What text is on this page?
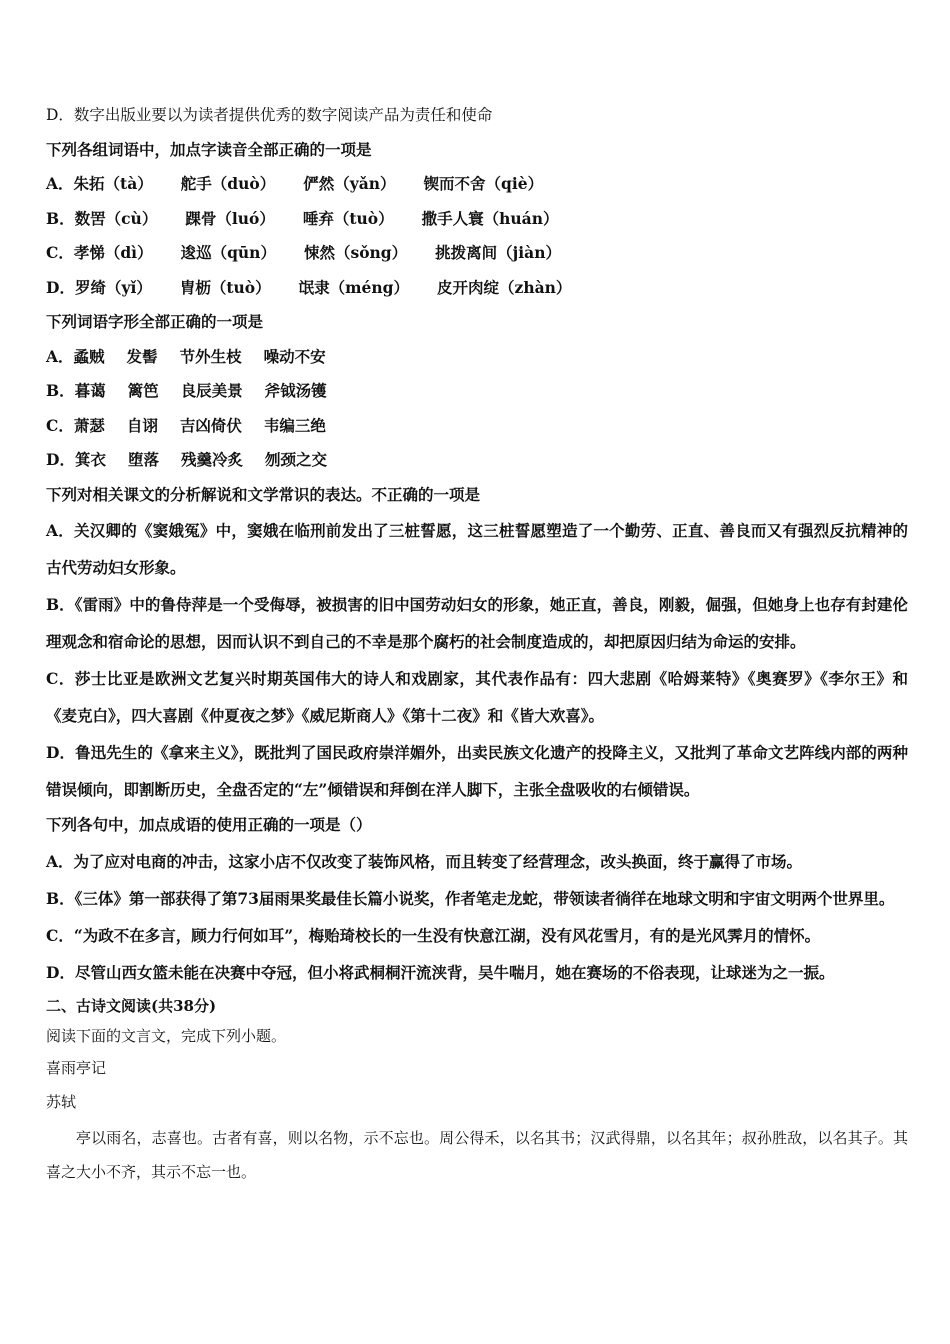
D．数字出版业要以为读者提供优秀的数字阅读产品为责任和使命
下列各组词语中，加点字读音全部正确的一项是
A．朱拓（tà） 舵手（duò） 俨然（yǎn） 锲而不舍（qiè）
B．数罟（cù） 踝骨（luó） 唾弃（tuò） 撒手人寰（huán）
C．孝悌（dì） 逡巡（qūn） 悚然（sǒng） 挑拨离间（jiàn）
D．罗绮（yǐ） 胄枥（tuò） 氓隶（méng） 皮开肉绽（zhàn）
下列词语字形全部正确的一项是
A．蟊贼 发髻 节外生枝 噪动不安
B．暮蔼 篱笆 良辰美景 斧钺汤镬
C．萧瑟 自诩 吉凶倚伏 韦编三绝
D．箕衣 堕落 残羹冷炙 刎颈之交
下列对相关课文的分析解说和文学常识的表达。不正确的一项是
A．关汉卿的《窦娥冤》中，窦娥在临刑前发出了三桩誓愿，这三桩誓愿塑造了一个勤劳、正直、善良而又有强烈反抗精神的古代劳动妇女形象。
B．《雷雨》中的鲁侍萍是一个受侮辱，被损害的旧中国劳动妇女的形象，她正直，善良，刚毅，倔强，但她身上也存有封建伦理观念和宿命论的思想，因而认识不到自己的不幸是那个腐朽的社会制度造成的，却把原因归结为命运的安排。
C．莎士比亚是欧洲文艺复兴时期英国伟大的诗人和戏剧家，其代表作品有：四大悲剧《哈姆莱特》《奥赛罗》《李尔王》和《麦克白》，四大喜剧《仲夏夜之梦》《威尼斯商人》《第十二夜》和《皆大欢喜》。
D．鲁迅先生的《拿来主义》，既批判了国民政府崇洋媚外，出卖民族文化遗产的投降主义，又批判了革命文艺阵线内部的两种错误倾向，即割断历史，全盘否定的“左”倾错误和拜倒在洋人脚下，主张全盘吸收的右倾错误。
下列各句中，加点成语的使用正确的一项是（）
A．为了应对电商的冲击，这家小店不仅改变了装饰风格，而且转变了经营理念，改头换面，终于赢得了市场。
B．《三体》第一部获得了第73届雨果奖最佳长篇小说奖，作者笔走龙蛇，带领读者徜徉在地球文明和宇宙文明两个世界里。
C．“为政不在多言，顾力行何如耳”，梅贻琦校长的一生没有快意江湖，没有风花雪月，有的是光风霁月的情怀。
D．尽管山西女篮未能在决赛中夺冠，但小将武桐桐汗流浃背，吴牛喘月，她在赛场的不俗表现，让球迷为之一振。
二、古诗文阅读(共38分)
阅读下面的文言文，完成下列小题。
喜雨亭记
苏轼
亭以雨名，志喜也。古者有喜，则以名物，示不忘也。周公得禾，以名其书；汉武得鼎，以名其年；叔孙胜敌，以名其子。其喜之大小不齐，其示不忘一也。
